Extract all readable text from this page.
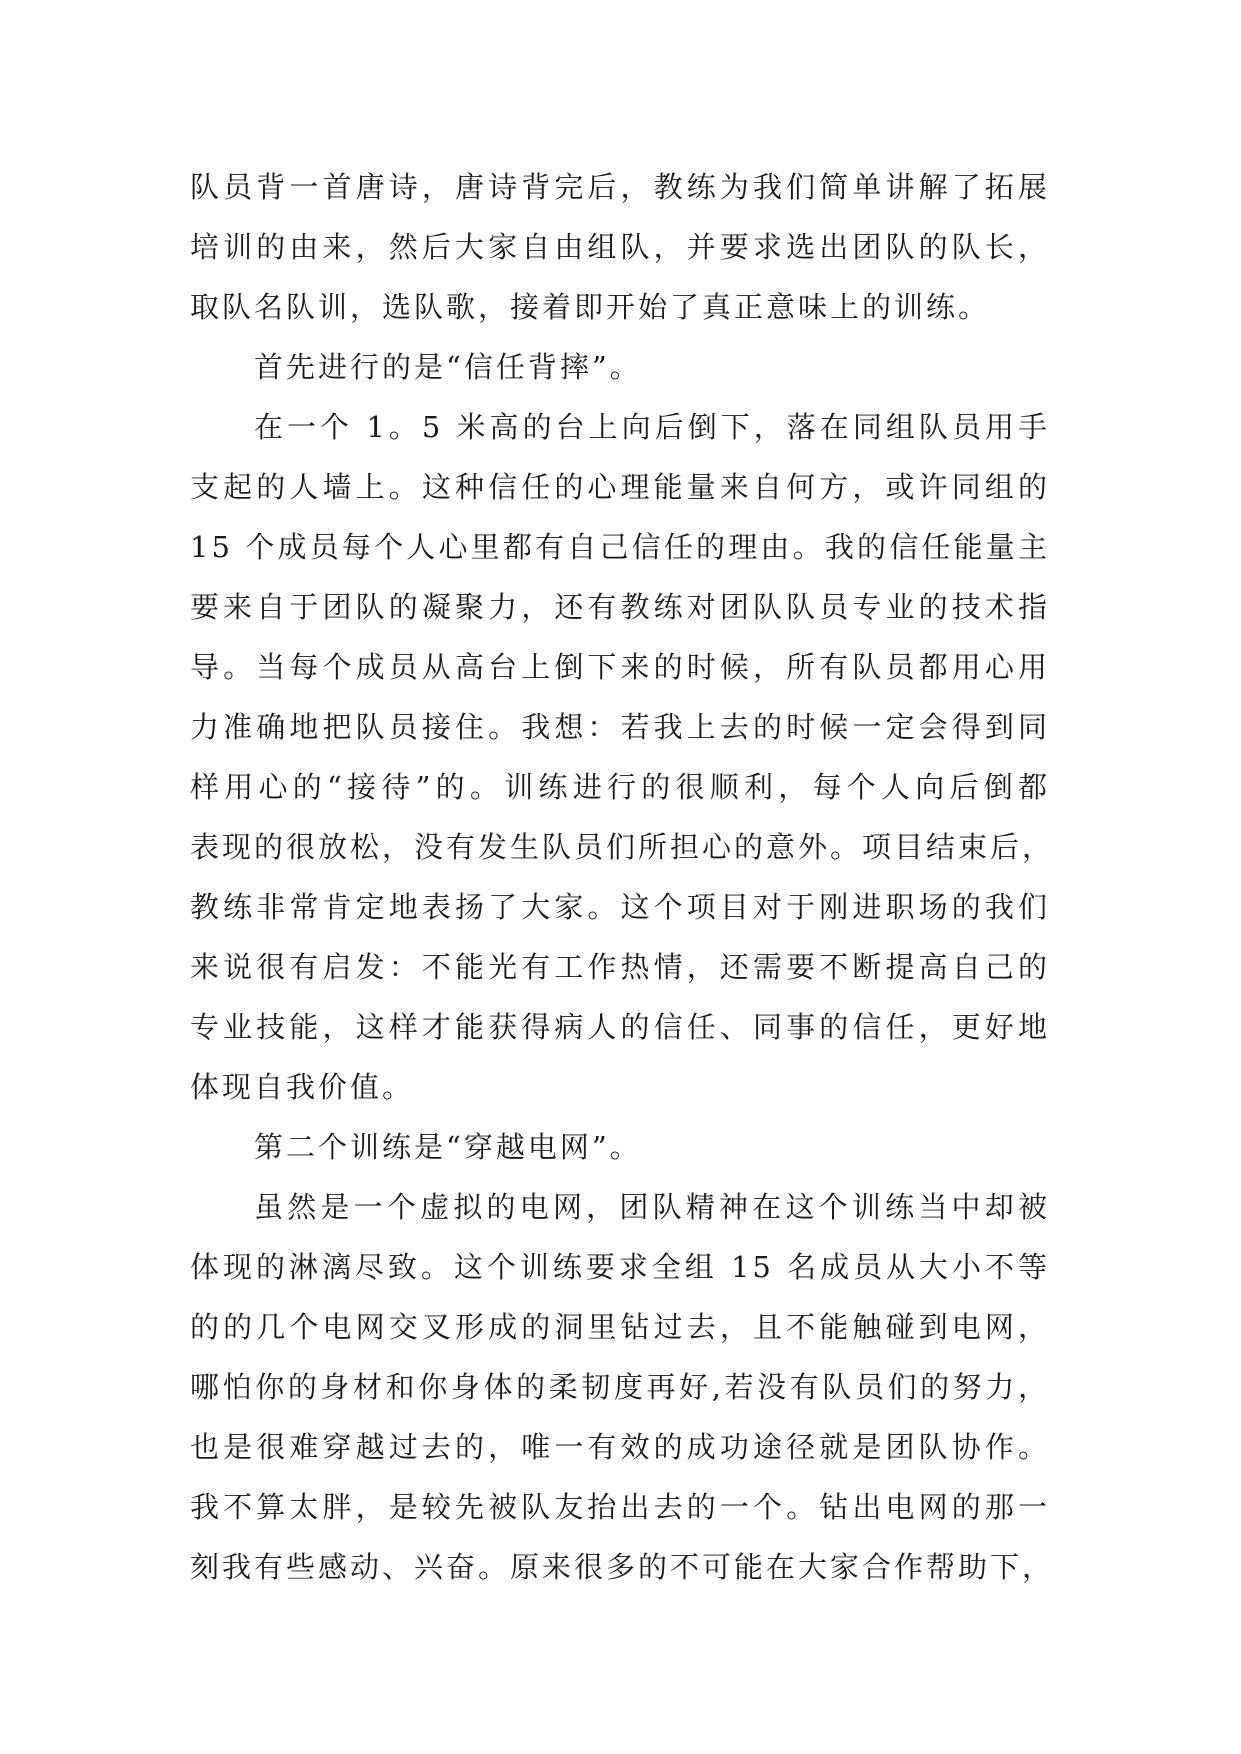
队员背一首唐诗，唐诗背完后，教练为我们简单讲解了拓展
培训的由来，然后大家自由组队，并要求选出团队的队长，
取队名队训，选队歌，接着即开始了真正意味上的训练。
首先进行的是“信任背摔”。
在一个 1。5 米高的台上向后倒下，落在同组队员用手
支起的人墙上。这种信任的心理能量来自何方，或许同组的
15 个成员每个人心里都有自己信任的理由。我的信任能量主
要来自于团队的凝聚力，还有教练对团队队员专业的技术指
导。当每个成员从高台上倒下来的时候，所有队员都用心用
力准确地把队员接住。我想：若我上去的时候一定会得到同
样用心的“接待”的。训练进行的很顺利，每个人向后倒都
表现的很放松，没有发生队员们所担心的意外。项目结束后，
教练非常肯定地表扬了大家。这个项目对于刚进职场的我们
来说很有启发：不能光有工作热情，还需要不断提高自己的
专业技能，这样才能获得病人的信任、同事的信任，更好地
体现自我价值。
第二个训练是“穿越电网”。
虽然是一个虚拟的电网，团队精神在这个训练当中却被
体现的淋漓尽致。这个训练要求全组 15 名成员从大小不等
的的几个电网交叉形成的洞里钻过去，且不能触碰到电网，
哪怕你的身材和你身体的柔韧度再好,若没有队员们的努力，
也是很难穿越过去的，唯一有效的成功途径就是团队协作。
我不算太胖，是较先被队友抬出去的一个。钻出电网的那一
刻我有些感动、兴奋。原来很多的不可能在大家合作帮助下，
